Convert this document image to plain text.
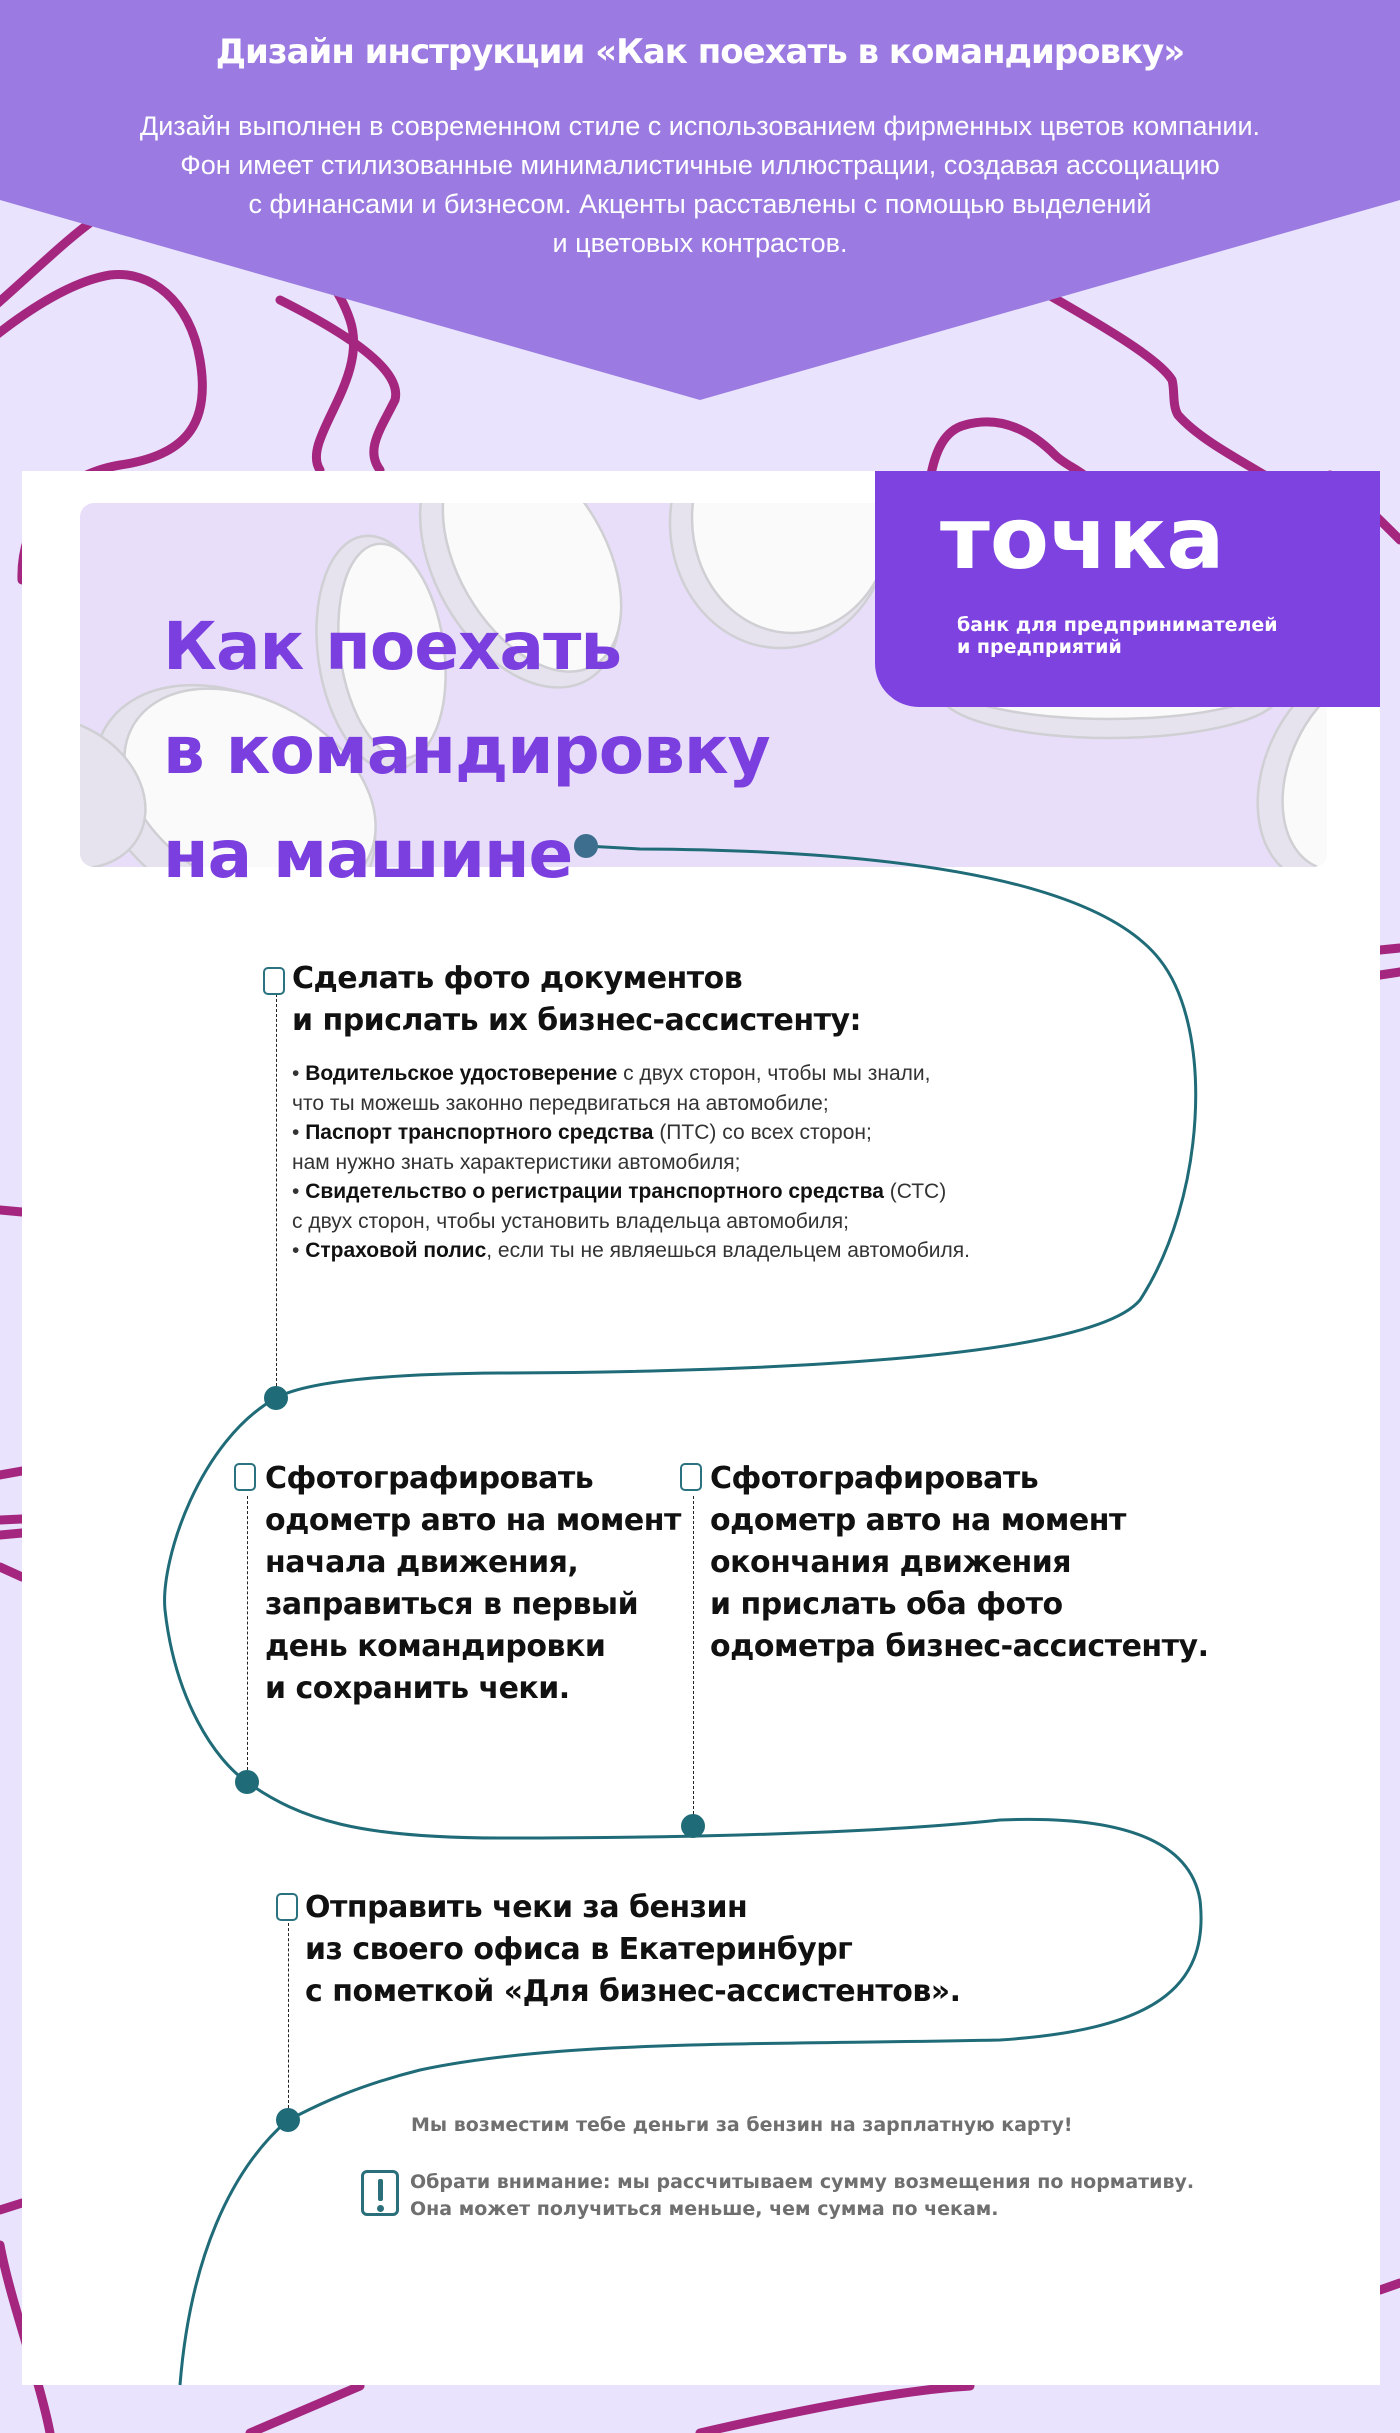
Дизайн инструкции «Как поехать в командировку»
Дизайн выполнен в современном стиле с использованием фирменных цветов компании.
Фон имеет стилизованные минималистичные иллюстрации, создавая ассоциацию
с финансами и бизнесом. Акценты расставлены с помощью выделений
и цветовых контрастов.
Как поехать
в командировку
на машине
точка
банк для предпринимателей
и предприятий
Сделать фото документов
и прислать их бизнес-ассистенту:
• Водительское удостоверение с двух сторон, чтобы мы знали,
что ты можешь законно передвигаться на автомобиле;
• Паспорт транспортного средства (ПТС) со всех сторон;
нам нужно знать характеристики автомобиля;
• Свидетельство о регистрации транспортного средства (СТС)
с двух сторон, чтобы установить владельца автомобиля;
• Страховой полис, если ты не являешься владельцем автомобиля.
Сфотографировать
одометр авто на момент
начала движения,
заправиться в первый
день командировки
и сохранить чеки.
Сфотографировать
одометр авто на момент
окончания движения
и прислать оба фото
одометра бизнес-ассистенту.
Отправить чеки за бензин
из своего офиса в Екатеринбург
с пометкой «Для бизнес-ассистентов».
Мы возместим тебе деньги за бензин на зарплатную карту!
Обрати внимание: мы рассчитываем сумму возмещения по нормативу.
Она может получиться меньше, чем сумма по чекам.
